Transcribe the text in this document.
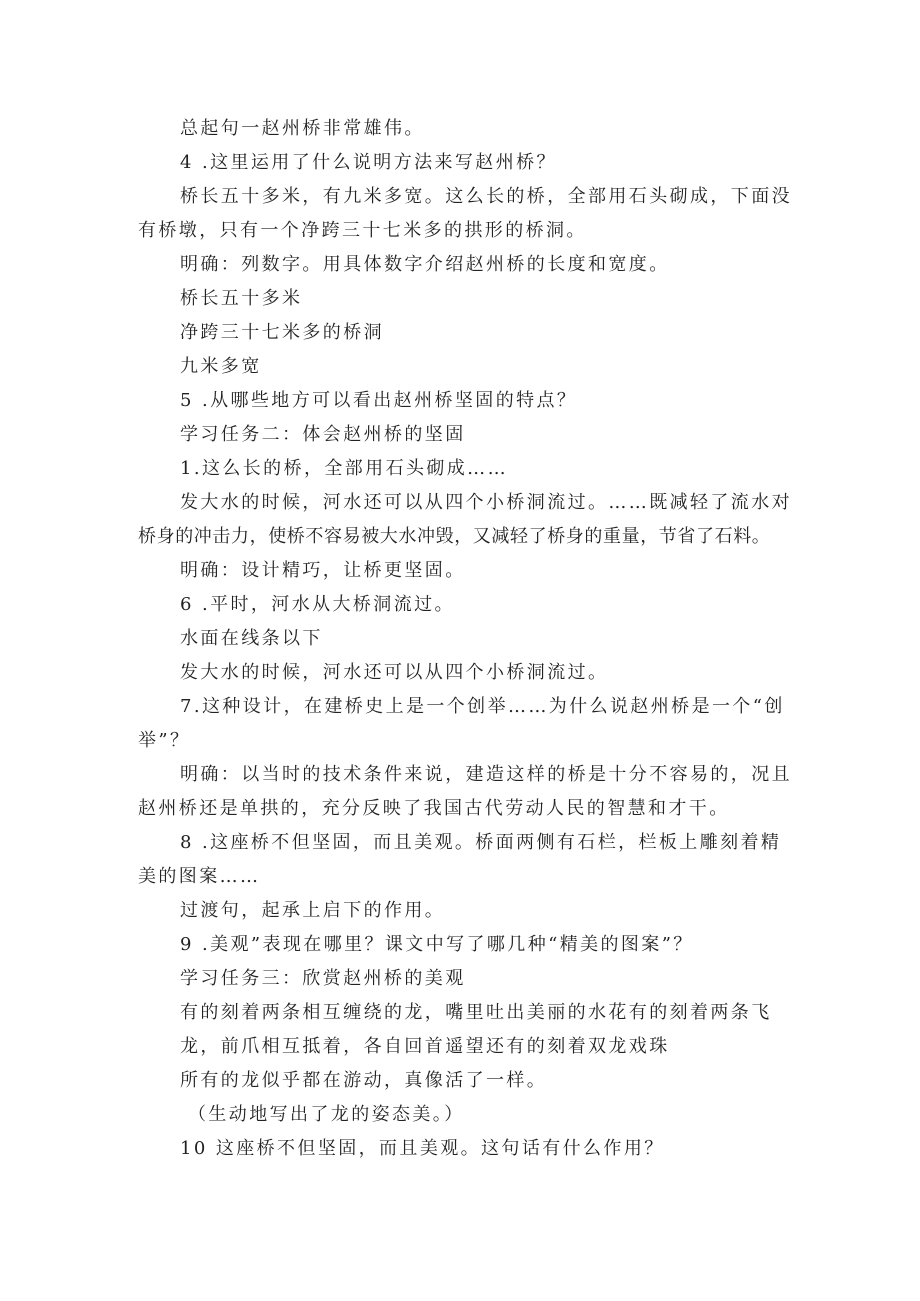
总起句一赵州桥非常雄伟。
4 .这里运用了什么说明方法来写赵州桥？
桥长五十多米，有九米多宽。这么长的桥，全部用石头砌成，下面没
有桥墩，只有一个净跨三十七米多的拱形的桥洞。
明确：列数字。用具体数字介绍赵州桥的长度和宽度。
桥长五十多米
净跨三十七米多的桥洞
九米多宽
5 .从哪些地方可以看出赵州桥坚固的特点？
学习任务二：体会赵州桥的坚固
1.这么长的桥，全部用石头砌成……
发大水的时候，河水还可以从四个小桥洞流过。……既减轻了流水对
桥身的冲击力，使桥不容易被大水冲毁，又减轻了桥身的重量，节省了石料。
明确：设计精巧，让桥更坚固。
6 .平时，河水从大桥洞流过。
水面在线条以下
发大水的时候，河水还可以从四个小桥洞流过。
7.这种设计，在建桥史上是一个创举……为什么说赵州桥是一个“创
举”？
明确：以当时的技术条件来说，建造这样的桥是十分不容易的，况且
赵州桥还是单拱的，充分反映了我国古代劳动人民的智慧和才干。
8 .这座桥不但坚固，而且美观。桥面两侧有石栏，栏板上雕刻着精
美的图案……
过渡句，起承上启下的作用。
9 .美观”表现在哪里？课文中写了哪几种“精美的图案”？
学习任务三：欣赏赵州桥的美观
有的刻着两条相互缠绕的龙，嘴里吐出美丽的水花有的刻着两条飞
龙，前爪相互抵着，各自回首遥望还有的刻着双龙戏珠
所有的龙似乎都在游动，真像活了一样。
（生动地写出了龙的姿态美。）
10 这座桥不但坚固，而且美观。这句话有什么作用？
